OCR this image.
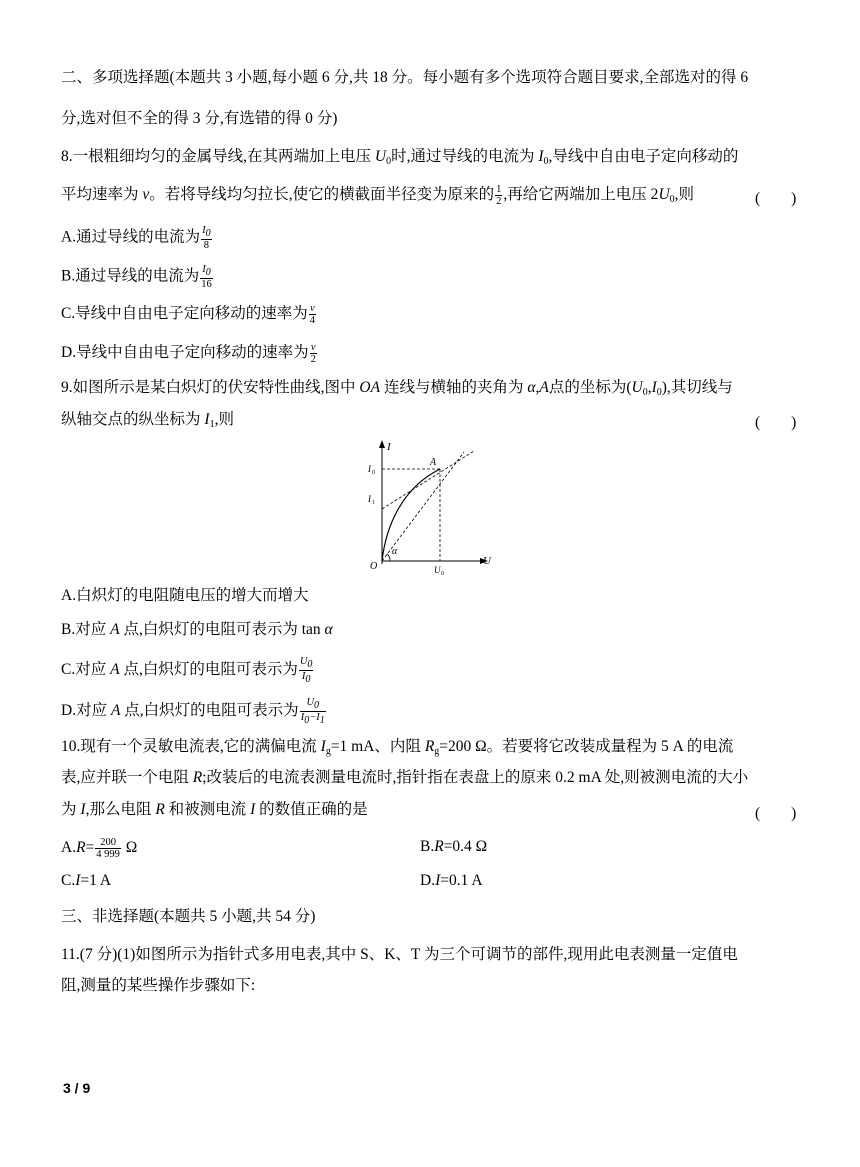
二、多项选择题(本题共 3 小题,每小题 6 分,共 18 分。每小题有多个选项符合题目要求,全部选对的得 6
分,选对但不全的得 3 分,有选错的得 0 分)
8.一根粗细均匀的金属导线,在其两端加上电压 $U_0$时,通过导线的电流为 $I_0$,导线中自由电子定向移动的
平均速率为 v。若将导线均匀拉长,使它的横截面半径变为原来的 $\frac{1}{2}$ ,再给它两端加上电压 $2U_0$,则	(　　)
A.通过导线的电流为 $\frac{I_0}{8}$
B.通过导线的电流为 $\frac{I_0}{16}$
C.导线中自由电子定向移动的速率为 $\frac{v}{4}$
D.导线中自由电子定向移动的速率为 $\frac{v}{2}$
9.如图所示是某白炽灯的伏安特性曲线,图中 OA 连线与横轴的夹角为 α,A点的坐标为$(U_0,I_0)$,其切线与
纵轴交点的纵坐标为 $I_1$,则	(　　)
I
U
O
A
α
I 0
I 1
U 0
A.白炽灯的电阻随电压的增大而增大
B.对应 A 点,白炽灯的电阻可表示为 tan α
C.对应 A 点,白炽灯的电阻可表示为 $\frac{U_0}{I_0}$
D.对应 A 点,白炽灯的电阻可表示为 $\frac{U_0}{I_0-I_1}$
10.现有一个灵敏电流表,它的满偏电流 $I_g=1$ mA、内阻 $R_g=200$ Ω。若要将它改装成量程为 5 A 的电流
表,应并联一个电阻 R;改装后的电流表测量电流时,指针指在表盘上的原来 0.2 mA 处,则被测电流的大小
为 I,那么电阻 R 和被测电流 I 的数值正确的是	(　　)
$A.R= \frac{200}{4 999}$ Ω	B.R=0.4 Ω
C.I=1 A	D.I=0.1 A
三、非选择题(本题共 5 小题,共 54 分)
11.(7 分)(1)如图所示为指针式多用电表,其中 S、K、T 为三个可调节的部件,现用此电表测量一定值电
阻,测量的某些操作步骤如下:
3 / 9
